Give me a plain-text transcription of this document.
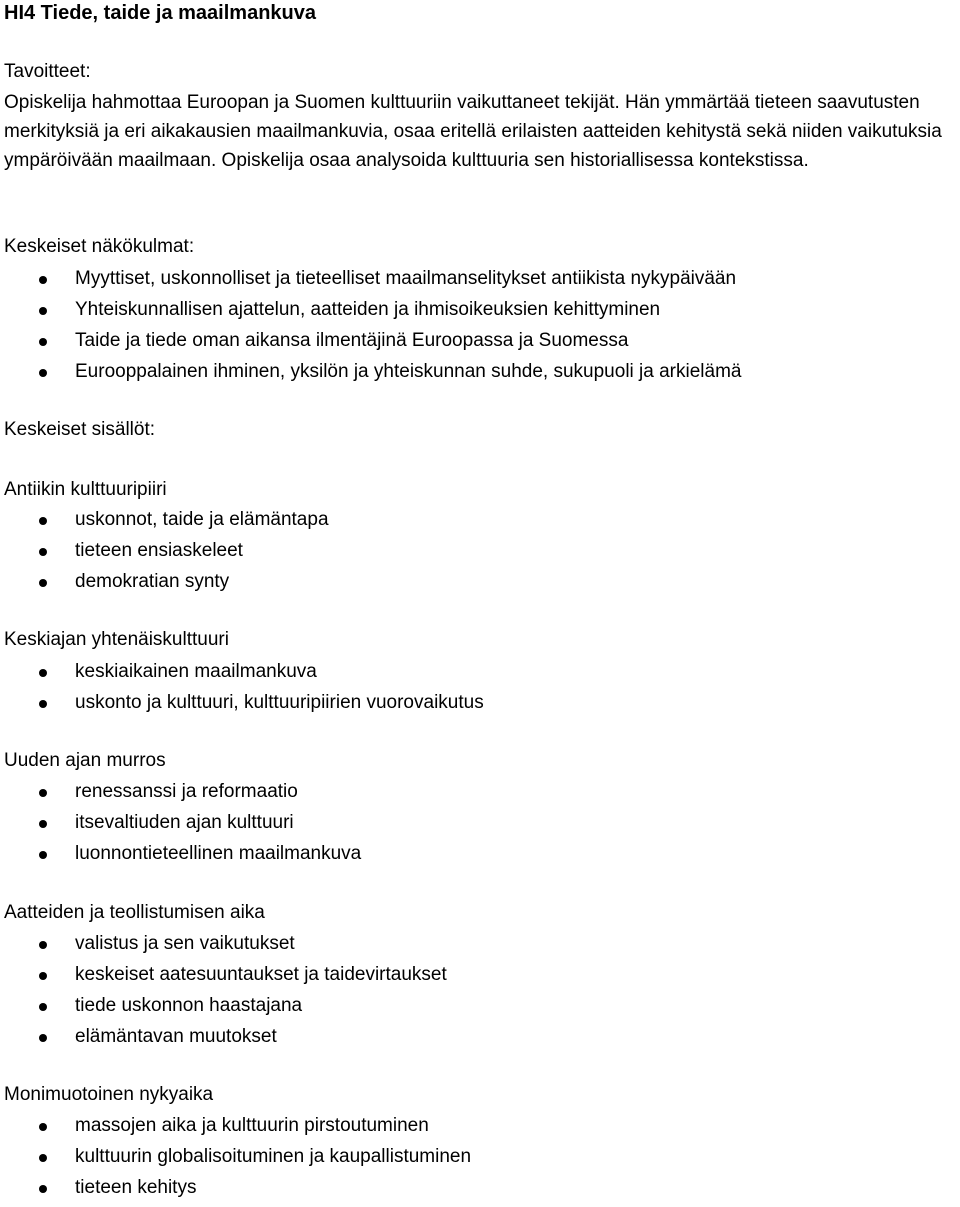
HI4 Tiede, taide ja maailmankuva
Tavoitteet:

Opiskelija hahmottaa Euroopan ja Suomen kulttuuriin vaikuttaneet tekijät. Hän ymmärtää tieteen saavutusten merkityksiä ja eri aikakausien maailmankuvia, osaa eritellä erilaisten aatteiden kehitystä sekä niiden vaikutuksia ympäröivään maailmaan. Opiskelija osaa analysoida kulttuuria sen historiallisessa kontekstissa.

Keskeiset näkökulmat:
Myyttiset, uskonnolliset ja tieteelliset maailmanselitykset antiikista nykypäivään
Yhteiskunnallisen ajattelun, aatteiden ja ihmisoikeuksien kehittyminen
Taide ja tiede oman aikansa ilmentäjinä Euroopassa ja Suomessa
Eurooppalainen ihminen, yksilön ja yhteiskunnan suhde, sukupuoli ja arkielämä
Keskeiset sisällöt:
Antiikin kulttuuripiiri
uskonnot, taide ja elämäntapa
tieteen ensiaskeleet
demokratian synty
Keskiajan yhtenäiskulttuuri
keskiaikainen maailmankuva
uskonto ja kulttuuri, kulttuuripiirien vuorovaikutus
Uuden ajan murros
renessanssi ja reformaatio
itsevaltiuden ajan kulttuuri
luonnontieteellinen maailmankuva
Aatteiden ja teollistumisen aika
valistus ja sen vaikutukset
keskeiset aatesuuntaukset ja taidevirtaukset
tiede uskonnon haastajana
elämäntavan muutokset
Monimuotoinen nykyaika
massojen aika ja kulttuurin pirstoutuminen
kulttuurin globalisoituminen ja kaupallistuminen
tieteen kehitys
